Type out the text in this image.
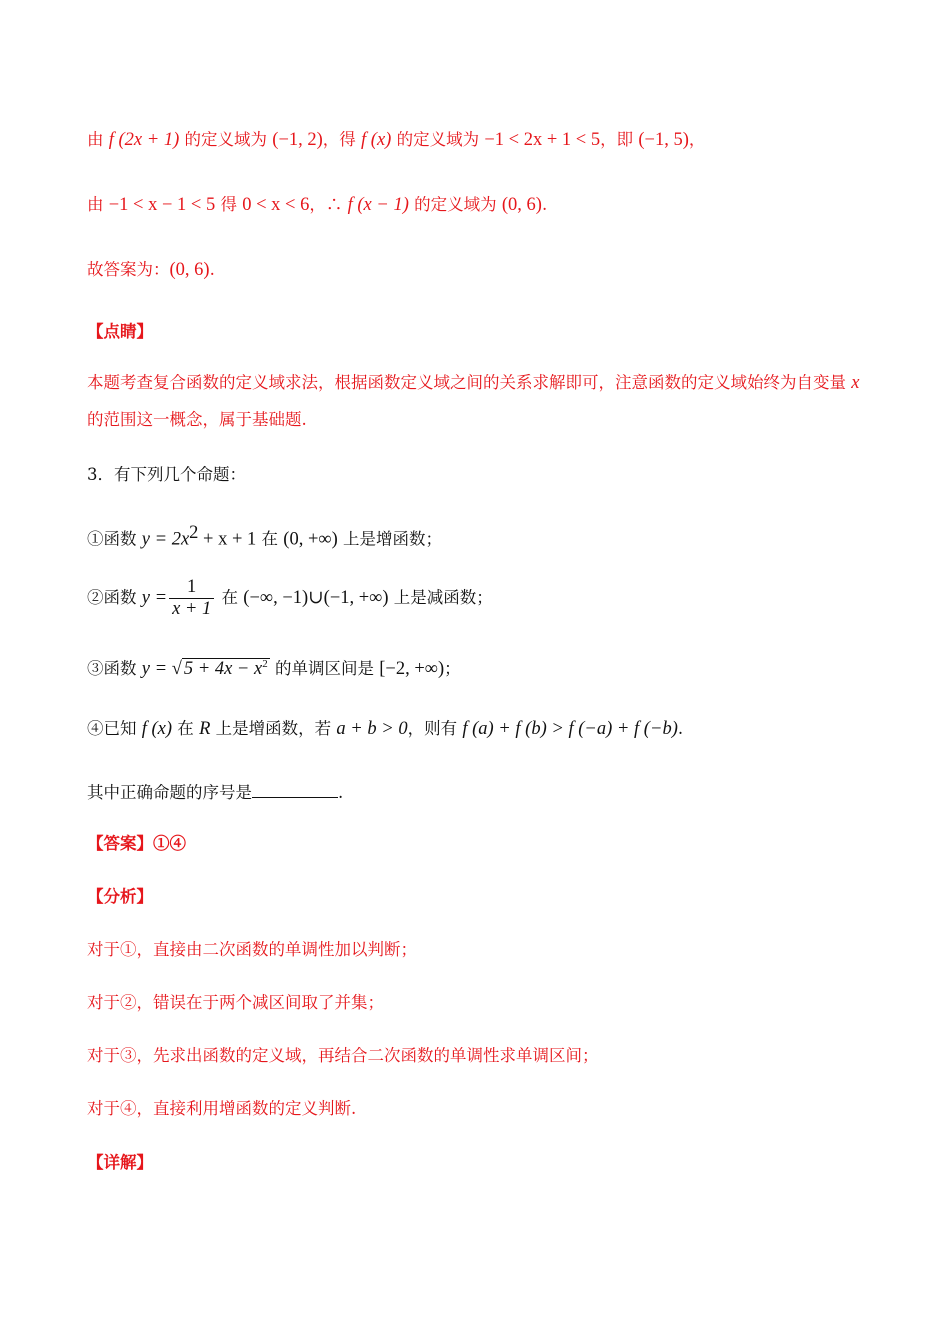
由 f (2x + 1) 的定义域为 (−1, 2)，得 f (x) 的定义域为 −1 < 2x + 1 < 5，即 (−1, 5)，
由 −1 < x − 1 < 5 得 0 < x < 6，∴ f (x − 1) 的定义域为 (0, 6).
故答案为：(0, 6).
【点睛】
本题考查复合函数的定义域求法，根据函数定义域之间的关系求解即可，注意函数的定义域始终为自变量 x
的范围这一概念，属于基础题.
3．有下列几个命题：
①函数 $y = 2x^2 + x + 1$ 在 (0, +∞) 上是增函数；
②函数 $y = \frac{1}{x + 1}$ 在 (−∞, −1)∪(−1, +∞) 上是减函数；
③函数 y = √ $5 + 4x - x^2$ 的单调区间是 [−2, +∞)；
④已知 f (x) 在 R 上是增函数，若 a + b > 0，则有 f (a) + f (b) > f (−a) + f (−b).
其中正确命题的序号是	.
【答案】①④
【分析】
对于①，直接由二次函数的单调性加以判断；
对于②，错误在于两个减区间取了并集；
对于③，先求出函数的定义域，再结合二次函数的单调性求单调区间；
对于④，直接利用增函数的定义判断.
【详解】
